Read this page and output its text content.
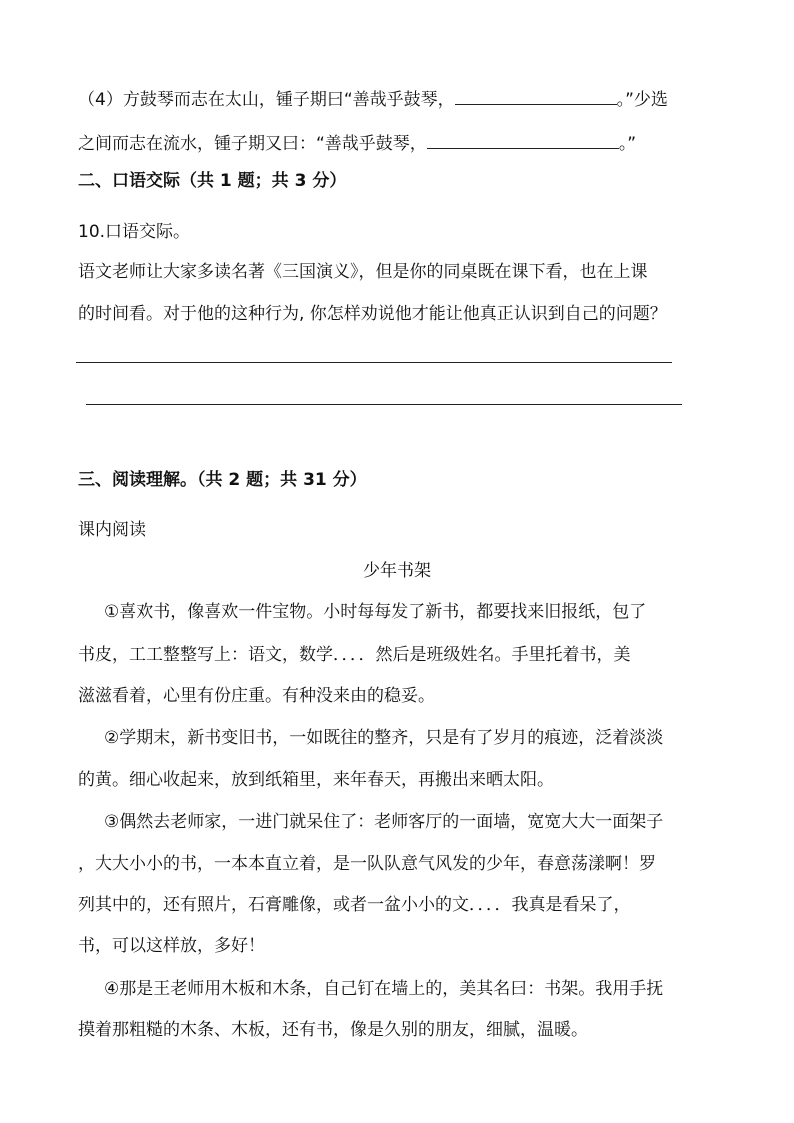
（4）方鼓琴而志在太山，锺子期曰“善哉乎鼓琴，	。”少选
之间而志在流水，锺子期又曰：“善哉乎鼓琴，	。”
二、口语交际（共 1 题；共 3 分）
10.口语交际。
语文老师让大家多读名著《三国演义》，但是你的同桌既在课下看，也在上课
的时间看。对于他的这种行为, 你怎样劝说他才能让他真正认识到自己的问题？
三、阅读理解。（共 2 题；共 31 分）
课内阅读
少年书架
①喜欢书，像喜欢一件宝物。小时每每发了新书，都要找来旧报纸，包了
书皮，工工整整写上：语文，数学．．．．然后是班级姓名。手里托着书，美
滋滋看着，心里有份庄重。有种没来由的稳妥。
②学期末，新书变旧书，一如既往的整齐，只是有了岁月的痕迹，泛着淡淡
的黄。细心收起来，放到纸箱里，来年春天，再搬出来晒太阳。
③偶然去老师家，一进门就呆住了：老师客厅的一面墙，宽宽大大一面架子
，大大小小的书，一本本直立着，是一队队意气风发的少年，春意荡漾啊！罗
列其中的，还有照片，石膏雕像，或者一盆小小的文．．．．我真是看呆了，
书，可以这样放，多好！
④那是王老师用木板和木条，自己钉在墙上的，美其名曰：书架。我用手抚
摸着那粗糙的木条、木板，还有书，像是久别的朋友，细腻，温暖。
